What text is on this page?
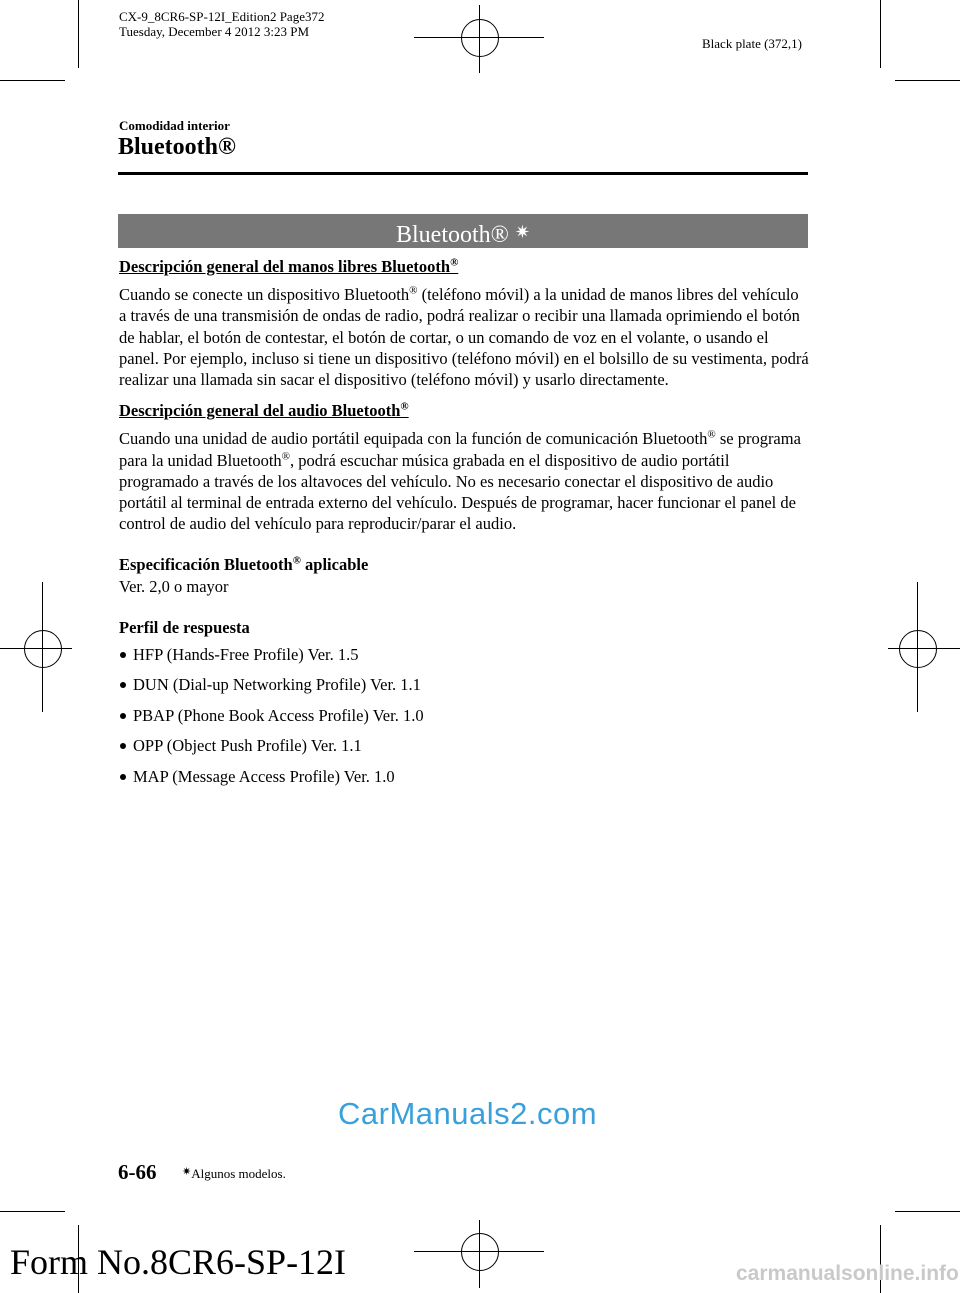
CX-9_8CR6-SP-12I_Edition2 Page372
Tuesday, December 4 2012 3:23 PM
Black plate (372,1)
Comodidad interior
Bluetooth®
Bluetooth® ✷

Descripción general del manos libres Bluetooth®

Cuando se conecte un dispositivo Bluetooth® (teléfono móvil) a la unidad de manos libres del vehículo a través de una transmisión de ondas de radio, podrá realizar o recibir una llamada oprimiendo el botón de hablar, el botón de contestar, el botón de cortar, o un comando de voz en el volante, o usando el panel. Por ejemplo, incluso si tiene un dispositivo (teléfono móvil) en el bolsillo de su vestimenta, podrá realizar una llamada sin sacar el dispositivo (teléfono móvil) y usarlo directamente.

Descripción general del audio Bluetooth®

Cuando una unidad de audio portátil equipada con la función de comunicación Bluetooth® se programa para la unidad Bluetooth®, podrá escuchar música grabada en el dispositivo de audio portátil programado a través de los altavoces del vehículo. No es necesario conectar el dispositivo de audio portátil al terminal de entrada externo del vehículo. Después de programar, hacer funcionar el panel de control de audio del vehículo para reproducir/parar el audio.

Especificación Bluetooth® aplicable

Ver. 2,0 o mayor

Perfil de respuesta

HFP (Hands-Free Profile) Ver. 1.5
DUN (Dial-up Networking Profile) Ver. 1.1
PBAP (Phone Book Access Profile) Ver. 1.0
OPP (Object Push Profile) Ver. 1.1
MAP (Message Access Profile) Ver. 1.0
CarManuals2.com
6-66 ✷Algunos modelos.
Form No.8CR6-SP-12I	carmanualsonline.info
